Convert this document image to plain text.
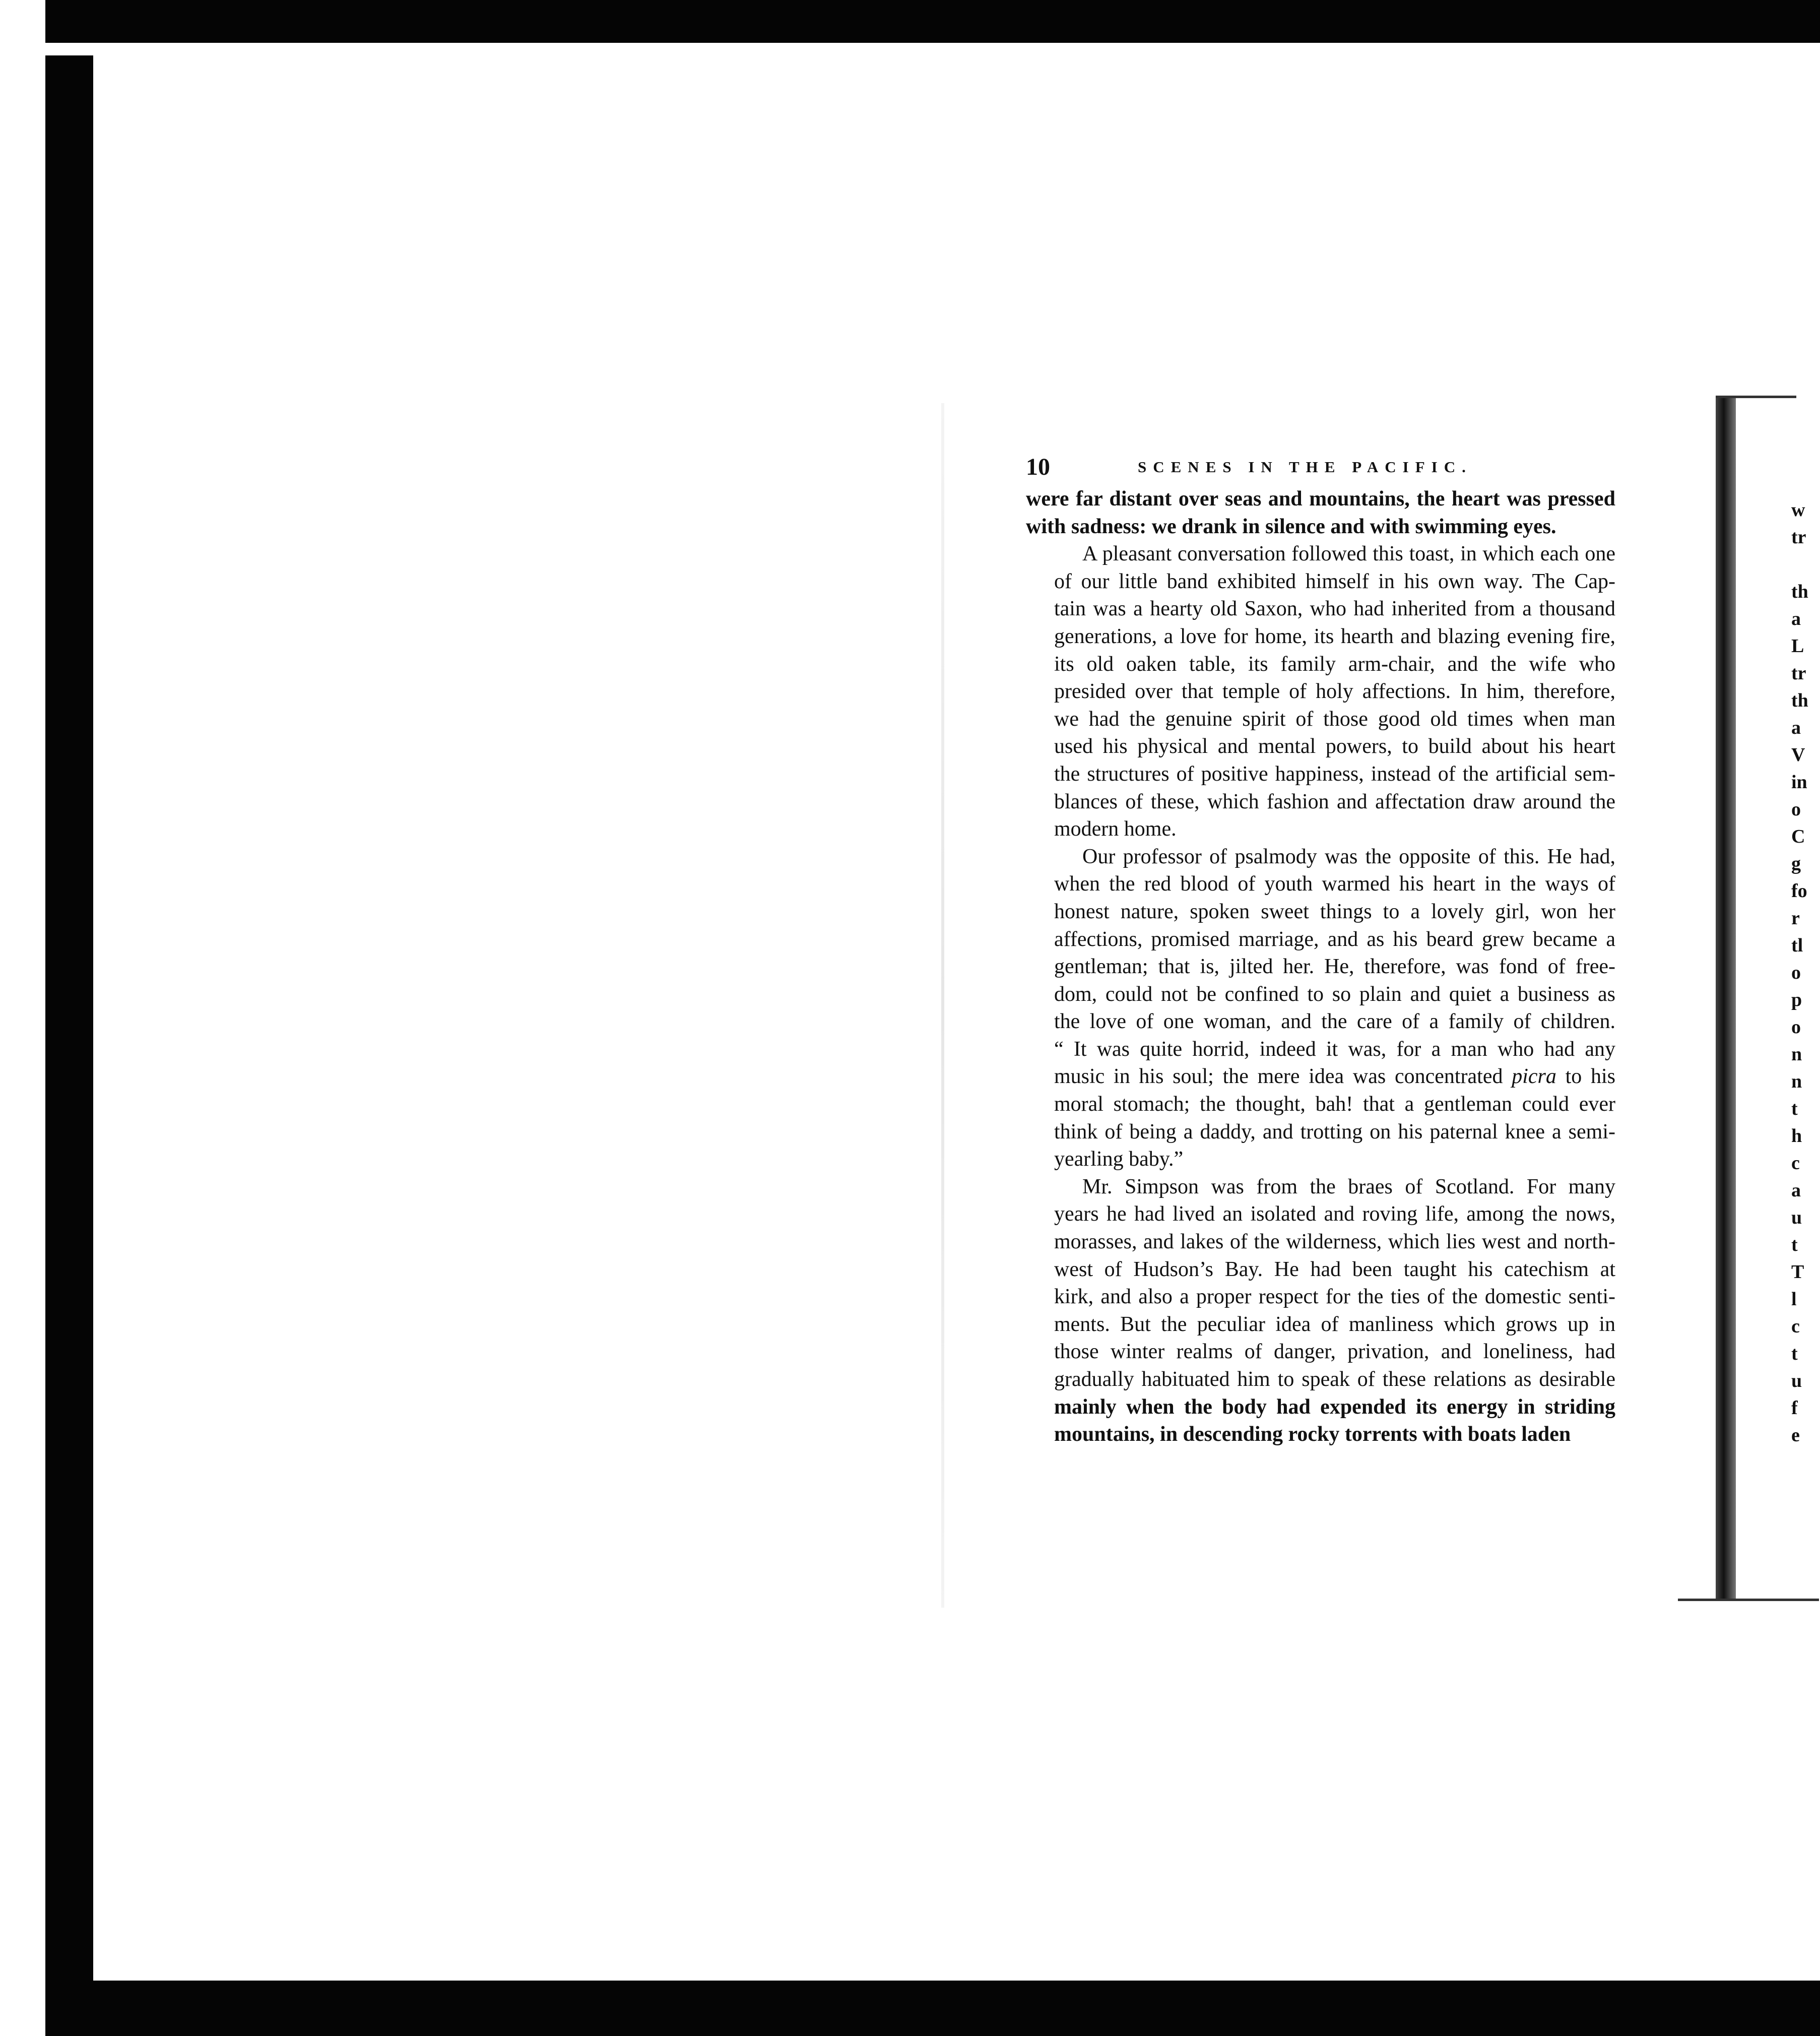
10	SCENES IN THE PACIFIC.
were far distant over seas and mountains, the heart was pressed
with sadness: we drank in silence and with swimming eyes.
A pleasant conversation followed this toast, in which each one
of our little band exhibited himself in his own way. The Cap-
tain was a hearty old Saxon, who had inherited from a thousand
generations, a love for home, its hearth and blazing evening fire,
its old oaken table, its family arm-chair, and the wife who
presided over that temple of holy affections. In him, therefore,
we had the genuine spirit of those good old times when man
used his physical and mental powers, to build about his heart
the structures of positive happiness, instead of the artificial sem-
blances of these, which fashion and affectation draw around the
modern home.
Our professor of psalmody was the opposite of this. He had,
when the red blood of youth warmed his heart in the ways of
honest nature, spoken sweet things to a lovely girl, won her
affections, promised marriage, and as his beard grew became a
gentleman; that is, jilted her. He, therefore, was fond of free-
dom, could not be confined to so plain and quiet a business as
the love of one woman, and the care of a family of children.
“ It was quite horrid, indeed it was, for a man who had any
music in his soul; the mere idea was concentrated picra to his
moral stomach; the thought, bah! that a gentleman could ever
think of being a daddy, and trotting on his paternal knee a semi-
yearling baby.”
Mr. Simpson was from the braes of Scotland. For many
years he had lived an isolated and roving life, among the nows,
morasses, and lakes of the wilderness, which lies west and north-
west of Hudson’s Bay. He had been taught his catechism at
kirk, and also a proper respect for the ties of the domestic senti-
ments. But the peculiar idea of manliness which grows up in
those winter realms of danger, privation, and loneliness, had
gradually habituated him to speak of these relations as desirable
mainly when the body had expended its energy in striding
mountains, in descending rocky torrents with boats laden
w
tr
th
a
L
tr
th
a
V
in
o
C
g
fo
r
tl
o
p
o
n
n
t
h
c
a
u
t
T
l
c
t
u
f
e
